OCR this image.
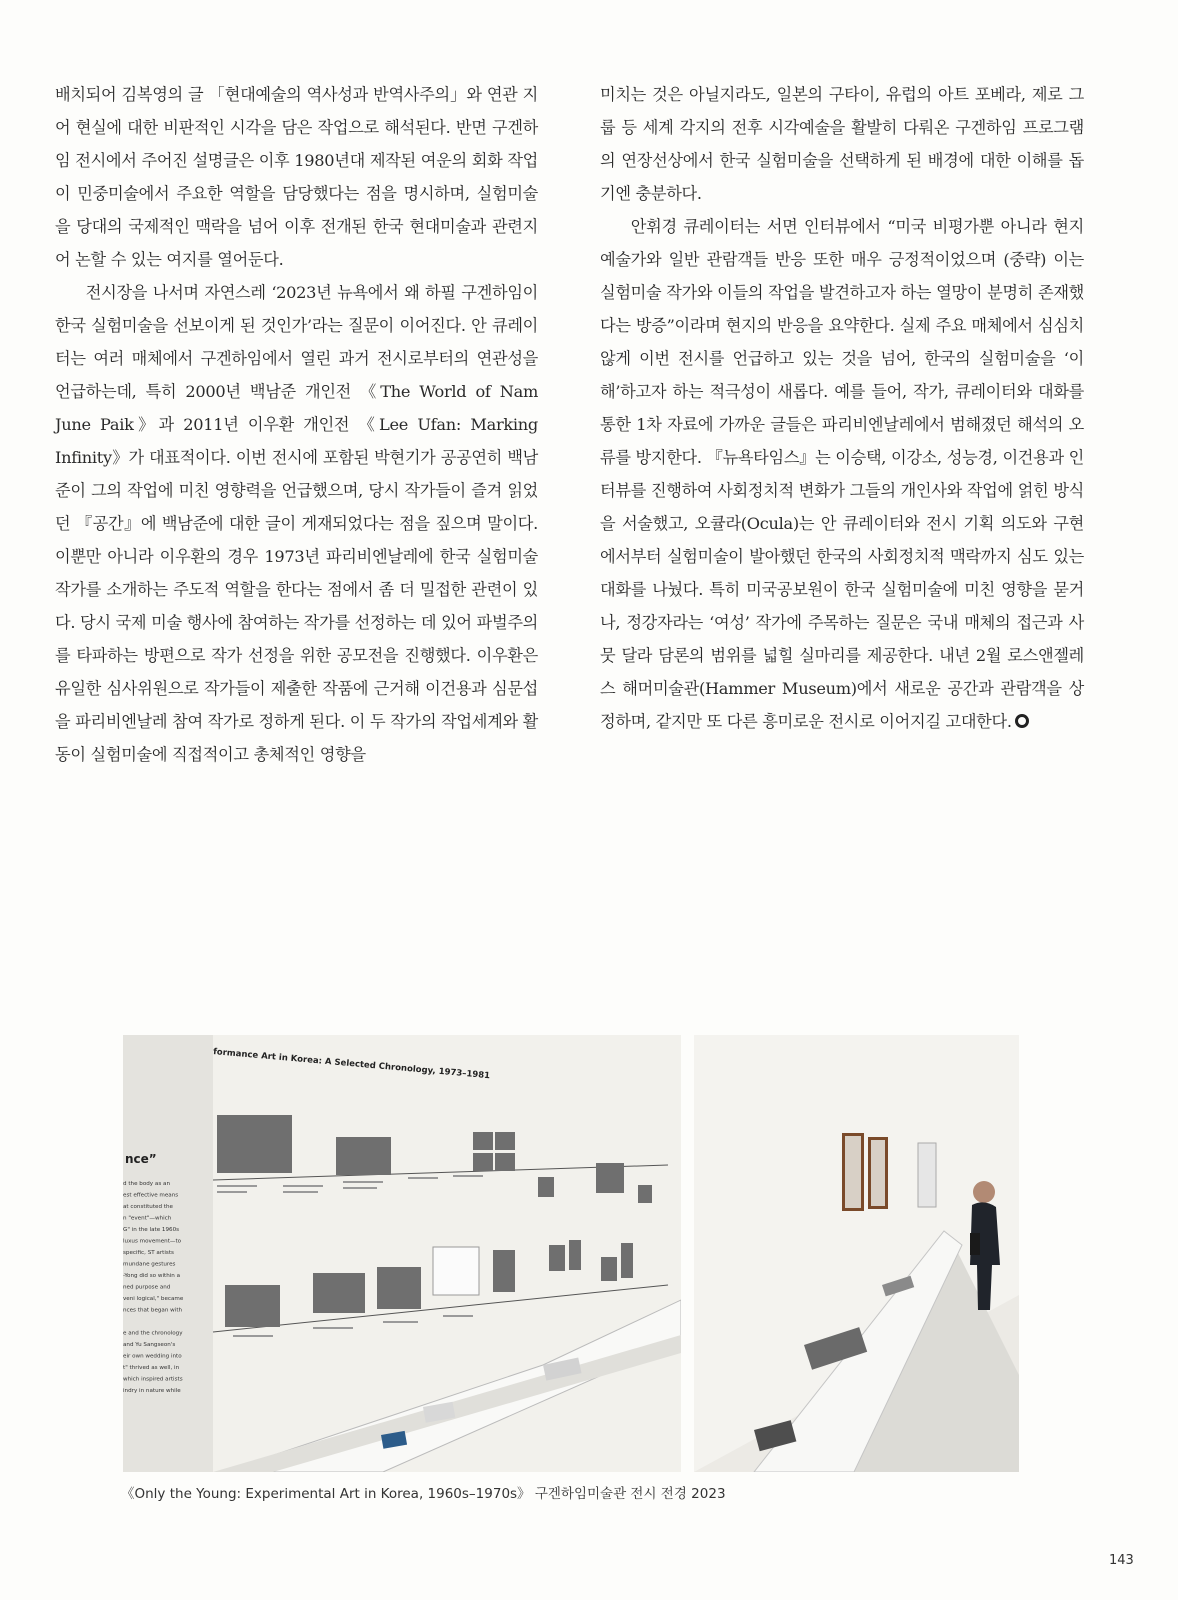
배치되어 김복영의 글 「현대예술의 역사성과 반역사주의」와 연관 지어 현실에 대한 비판적인 시각을 담은 작업으로 해석된다. 반면 구겐하임 전시에서 주어진 설명글은 이후 1980년대 제작된 여운의 회화 작업이 민중미술에서 주요한 역할을 담당했다는 점을 명시하며, 실험미술을 당대의 국제적인 맥락을 넘어 이후 전개된 한국 현대미술과 관련지어 논할 수 있는 여지를 열어둔다.

전시장을 나서며 자연스레 ‘2023년 뉴욕에서 왜 하필 구겐하임이 한국 실험미술을 선보이게 된 것인가’라는 질문이 이어진다. 안 큐레이터는 여러 매체에서 구겐하임에서 열린 과거 전시로부터의 연관성을 언급하는데, 특히 2000년 백남준 개인전 《The World of Nam June Paik》과 2011년 이우환 개인전 《Lee Ufan: Marking Infinity》가 대표적이다. 이번 전시에 포함된 박현기가 공공연히 백남준이 그의 작업에 미친 영향력을 언급했으며, 당시 작가들이 즐겨 읽었던 『공간』에 백남준에 대한 글이 게재되었다는 점을 짚으며 말이다. 이뿐만 아니라 이우환의 경우 1973년 파리비엔날레에 한국 실험미술 작가를 소개하는 주도적 역할을 한다는 점에서 좀 더 밀접한 관련이 있다. 당시 국제 미술 행사에 참여하는 작가를 선정하는 데 있어 파벌주의를 타파하는 방편으로 작가 선정을 위한 공모전을 진행했다. 이우환은 유일한 심사위원으로 작가들이 제출한 작품에 근거해 이건용과 심문섭을 파리비엔날레 참여 작가로 정하게 된다. 이 두 작가의 작업세계와 활동이 실험미술에 직접적이고 총체적인 영향을

미치는 것은 아닐지라도, 일본의 구타이, 유럽의 아트 포베라, 제로 그룹 등 세계 각지의 전후 시각예술을 활발히 다뤄온 구겐하임 프로그램의 연장선상에서 한국 실험미술을 선택하게 된 배경에 대한 이해를 돕기엔 충분하다.

안휘경 큐레이터는 서면 인터뷰에서 “미국 비평가뿐 아니라 현지 예술가와 일반 관람객들 반응 또한 매우 긍정적이었으며 (중략) 이는 실험미술 작가와 이들의 작업을 발견하고자 하는 열망이 분명히 존재했다는 방증”이라며 현지의 반응을 요약한다. 실제 주요 매체에서 심심치 않게 이번 전시를 언급하고 있는 것을 넘어, 한국의 실험미술을 ‘이해’하고자 하는 적극성이 새롭다. 예를 들어, 작가, 큐레이터와 대화를 통한 1차 자료에 가까운 글들은 파리비엔날레에서 범해졌던 해석의 오류를 방지한다. 『뉴욕타임스』는 이승택, 이강소, 성능경, 이건용과 인터뷰를 진행하여 사회정치적 변화가 그들의 개인사와 작업에 얽힌 방식을 서술했고, 오큘라(Ocula)는 안 큐레이터와 전시 기획 의도와 구현에서부터 실험미술이 발아했던 한국의 사회정치적 맥락까지 심도 있는 대화를 나눴다. 특히 미국공보원이 한국 실험미술에 미친 영향을 묻거나, 정강자라는 ‘여성’ 작가에 주목하는 질문은 국내 매체의 접근과 사뭇 달라 담론의 범위를 넓힐 실마리를 제공한다. 내년 2월 로스앤젤레스 해머미술관(Hammer Museum)에서 새로운 공간과 관람객을 상정하며, 같지만 또 다른 흥미로운 전시로 이어지길 고대한다.

formance Art in Korea: A Selected Chronology, 1973–1981
nce”
d the body as an
est effective means
at constituted the
n "event"—which
G" in the late 1960s
luxus movement—to
specific, ST artists
mundane gestures
-Yong did so within a
ned purpose and
veni logical," became
nces that began with
e and the chronology
and Yu Sangseon's
eir own wedding into
t" thrived as well, in
which inspired artists
indry in nature while
《Only the Young: Experimental Art in Korea, 1960s–1970s》 구겐하임미술관 전시 전경 2023
143
